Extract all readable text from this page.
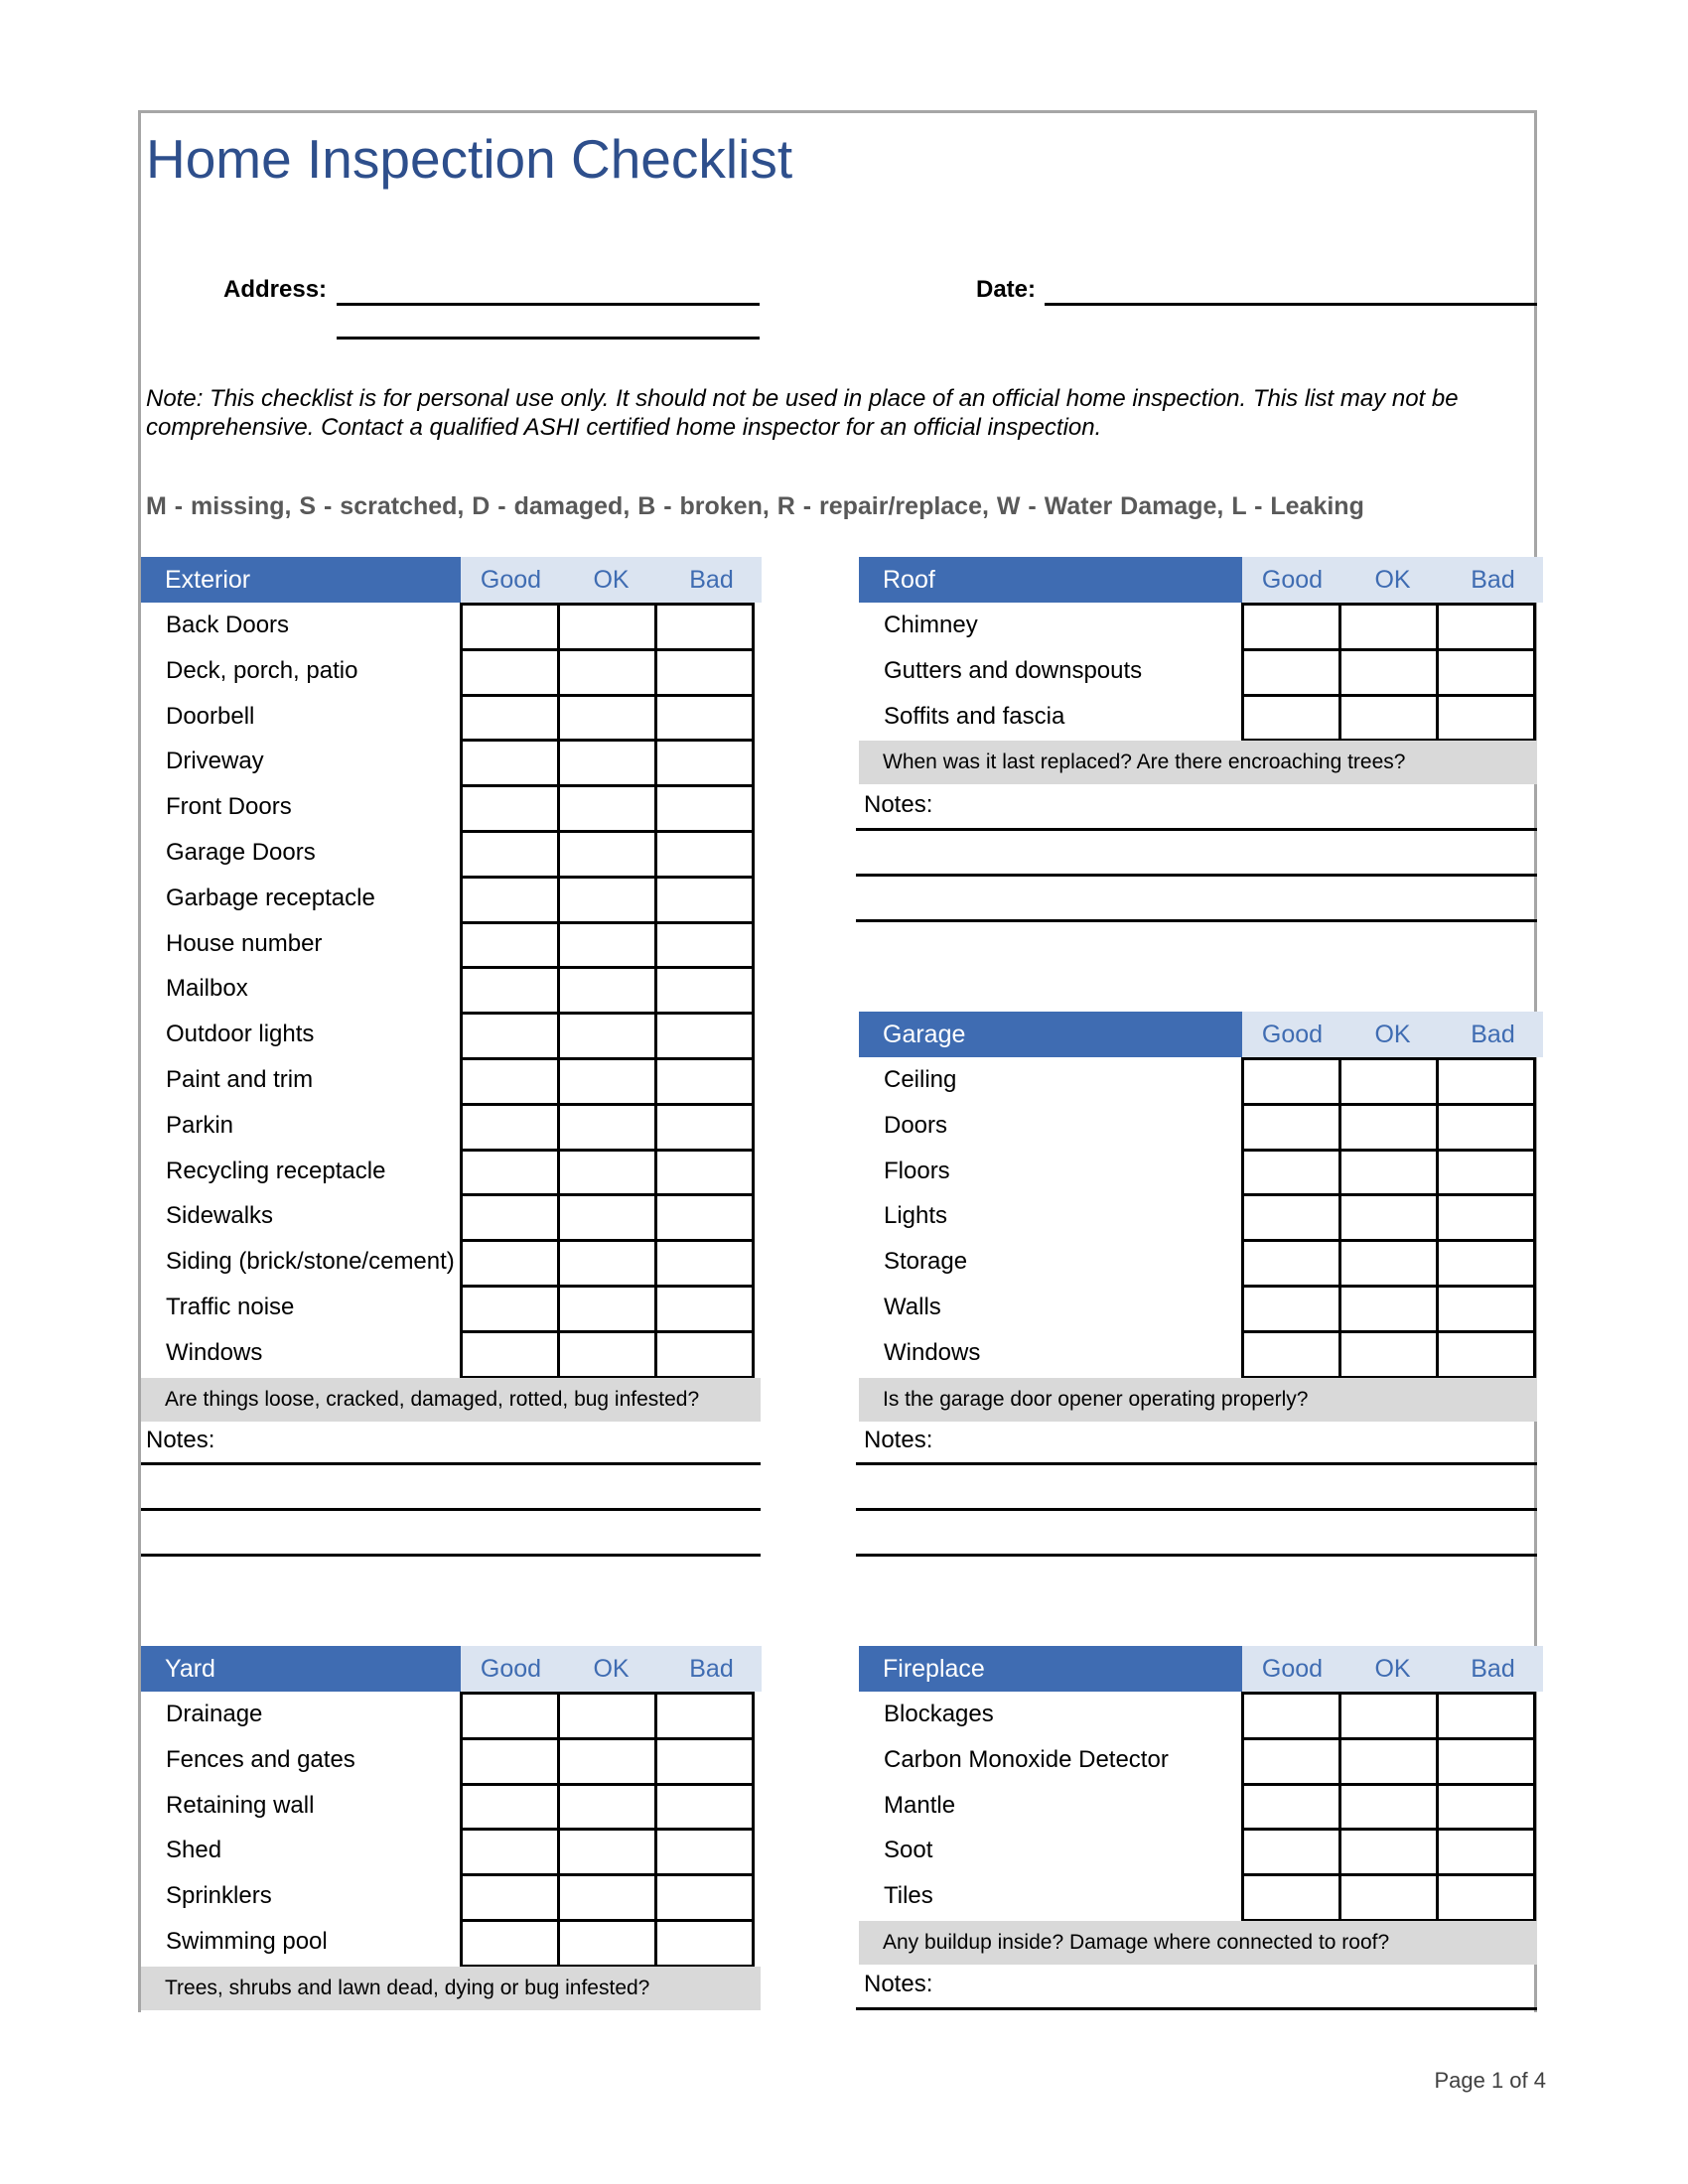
Home Inspection Checklist
Address:	Date:
Note: This checklist is for personal use only. It should not be used in place of an official home inspection. This list may not be comprehensive. Contact a qualified ASHI certified home inspector for an official inspection.
M - missing, S - scratched, D - damaged, B - broken, R - repair/replace, W - Water Damage, L - Leaking
Exterior	Good	OK	Bad
Back Doors
Deck, porch, patio
Doorbell
Driveway
Front Doors
Garage Doors
Garbage receptacle
House number
Mailbox
Outdoor lights
Paint and trim
Parkin
Recycling receptacle
Sidewalks
Siding (brick/stone/cement)
Traffic noise
Windows

Are things loose, cracked, damaged, rotted, bug infested?
Roof	Good	OK	Bad
Chimney
Gutters and downspouts
Soffits and fascia

When was it last replaced? Are there encroaching trees?
Garage	Good	OK	Bad
Ceiling
Doors
Floors
Lights
Storage
Walls
Windows

Is the garage door opener operating properly?
Yard	Good	OK	Bad
Drainage
Fences and gates
Retaining wall
Shed
Sprinklers
Swimming pool

Trees, shrubs and lawn dead, dying or bug infested?
Fireplace	Good	OK	Bad
Blockages
Carbon Monoxide Detector
Mantle
Soot
Tiles

Any buildup inside? Damage where connected to roof?
Notes:
Notes:
Notes:
Notes:
Page 1 of 4
